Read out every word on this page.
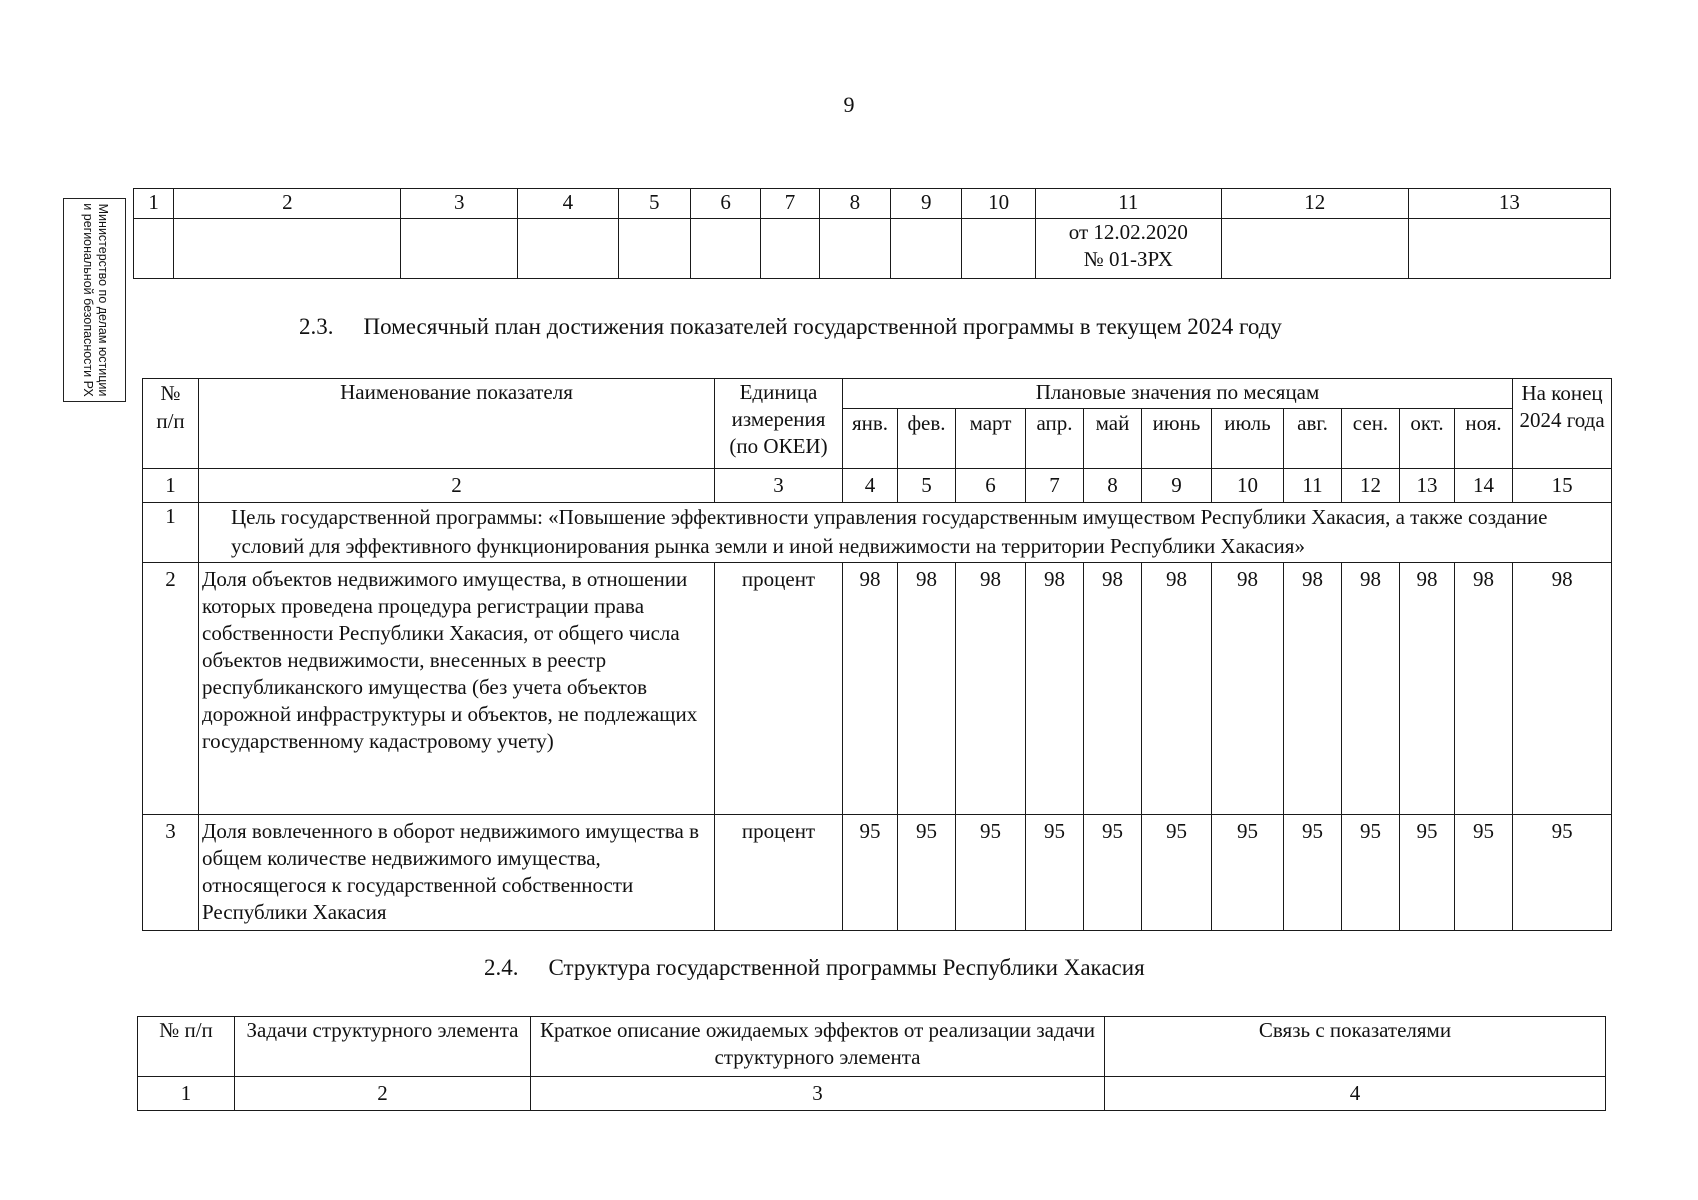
9
Министерство по делам юстиции и региональной безопасности РХ
1	2	3	4	5	6	7	8	9	10	11	12	13

										от 12.02.2020
№ 01-ЗРХ		

2.3. Помесячный план достижения показателей государственной программы в текущем 2024 году
№ п/п	Наименование показателя	Единица измерения (по ОКЕИ)	Плановые значения по месяцам											На конец 2024 года
			янв.	фев.	март	апр.	май	июнь	июль	авг.	сен.	окт.	ноя.	
1	2	3	4	5	6	7	8	9	10	11	12	13	14	15
1	Цель государственной программы: «Повышение эффективности управления государственным имуществом Республики Хакасия, а также создание условий для эффективного функционирования рынка земли и иной недвижимости на территории Республики Хакасия»													
2	Доля объектов недвижимого имущества, в отношении которых проведена процедура регистрации права собственности Республики Хакасия, от общего числа объектов недвижимости, внесенных в реестр республиканского имущества (без учета объектов дорожной инфраструктуры и объектов, не подлежащих государственному кадастровому учету)	процент	98	98	98	98	98	98	98	98	98	98	98	98
3	Доля вовлеченного в оборот недвижимого имущества в общем количестве недвижимого имущества, относящегося к государственной собственности Республики Хакасия	процент	95	95	95	95	95	95	95	95	95	95	95	95
2.4. Структура государственной программы Республики Хакасия
№ п/п	Задачи структурного элемента	Краткое описание ожидаемых эффектов от реализации задачи структурного элемента	Связь с показателями
1	2	3	4
